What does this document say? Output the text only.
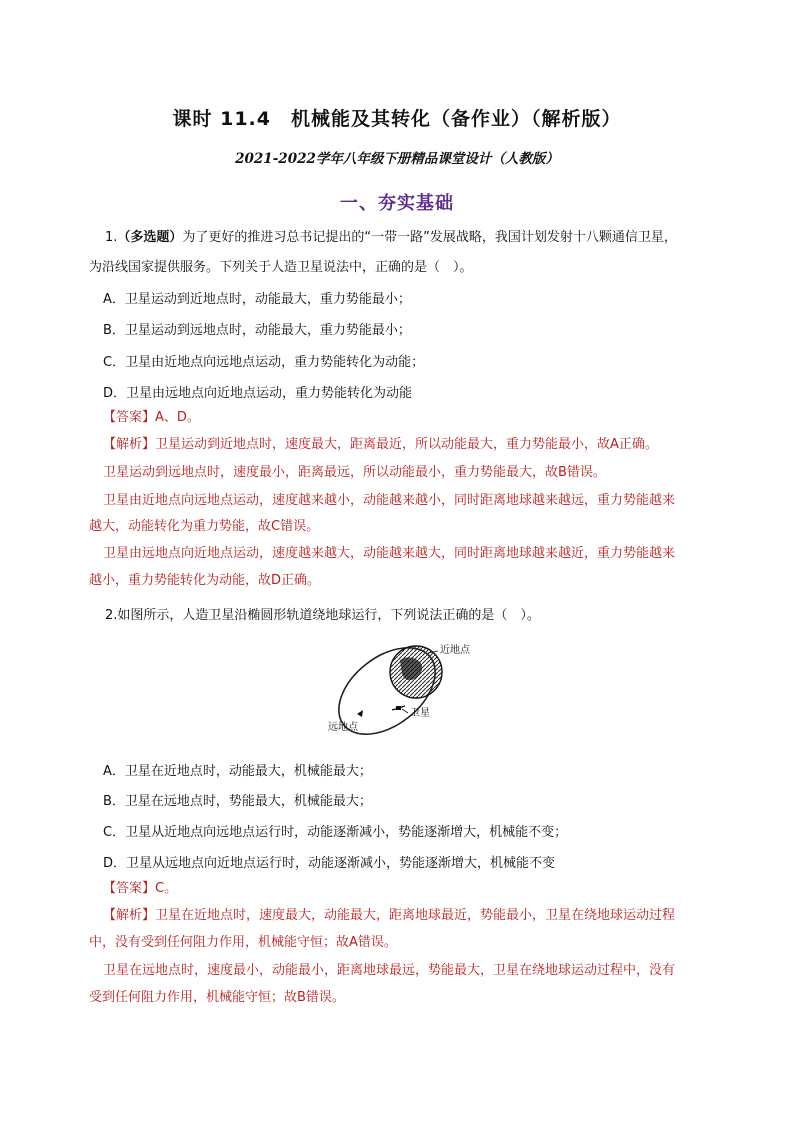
课时 11.4　机械能及其转化（备作业）（解析版）
2021-2022学年八年级下册精品课堂设计（人教版）
一、夯实基础
1.（多选题）为了更好的推进习总书记提出的“一带一路”发展战略，我国计划发射十八颗通信卫星，
为沿线国家提供服务。下列关于人造卫星说法中，正确的是（　）。
A．卫星运动到近地点时，动能最大，重力势能最小；
B．卫星运动到远地点时，动能最大，重力势能最小；
C．卫星由近地点向远地点运动，重力势能转化为动能；
D．卫星由远地点向近地点运动，重力势能转化为动能
【答案】A、D。
【解析】卫星运动到近地点时，速度最大，距离最近，所以动能最大，重力势能最小，故A正确。
卫星运动到远地点时，速度最小，距离最远，所以动能最小，重力势能最大，故B错误。
卫星由近地点向远地点运动，速度越来越小，动能越来越小，同时距离地球越来越远，重力势能越来
越大，动能转化为重力势能，故C错误。
卫星由远地点向近地点运动，速度越来越大，动能越来越大，同时距离地球越来越近，重力势能越来
越小，重力势能转化为动能，故D正确。
2.如图所示，人造卫星沿椭圆形轨道绕地球运行，下列说法正确的是（　）。
近地点
卫星
远地点
A．卫星在近地点时，动能最大，机械能最大；
B．卫星在远地点时，势能最大，机械能最大；
C．卫星从近地点向远地点运行时，动能逐渐减小，势能逐渐增大，机械能不变；
D．卫星从远地点向近地点运行时，动能逐渐减小，势能逐渐增大，机械能不变
【答案】C。
【解析】卫星在近地点时，速度最大，动能最大，距离地球最近，势能最小，卫星在绕地球运动过程
中，没有受到任何阻力作用，机械能守恒；故A错误。
卫星在远地点时，速度最小，动能最小，距离地球最远，势能最大，卫星在绕地球运动过程中，没有
受到任何阻力作用，机械能守恒；故B错误。
